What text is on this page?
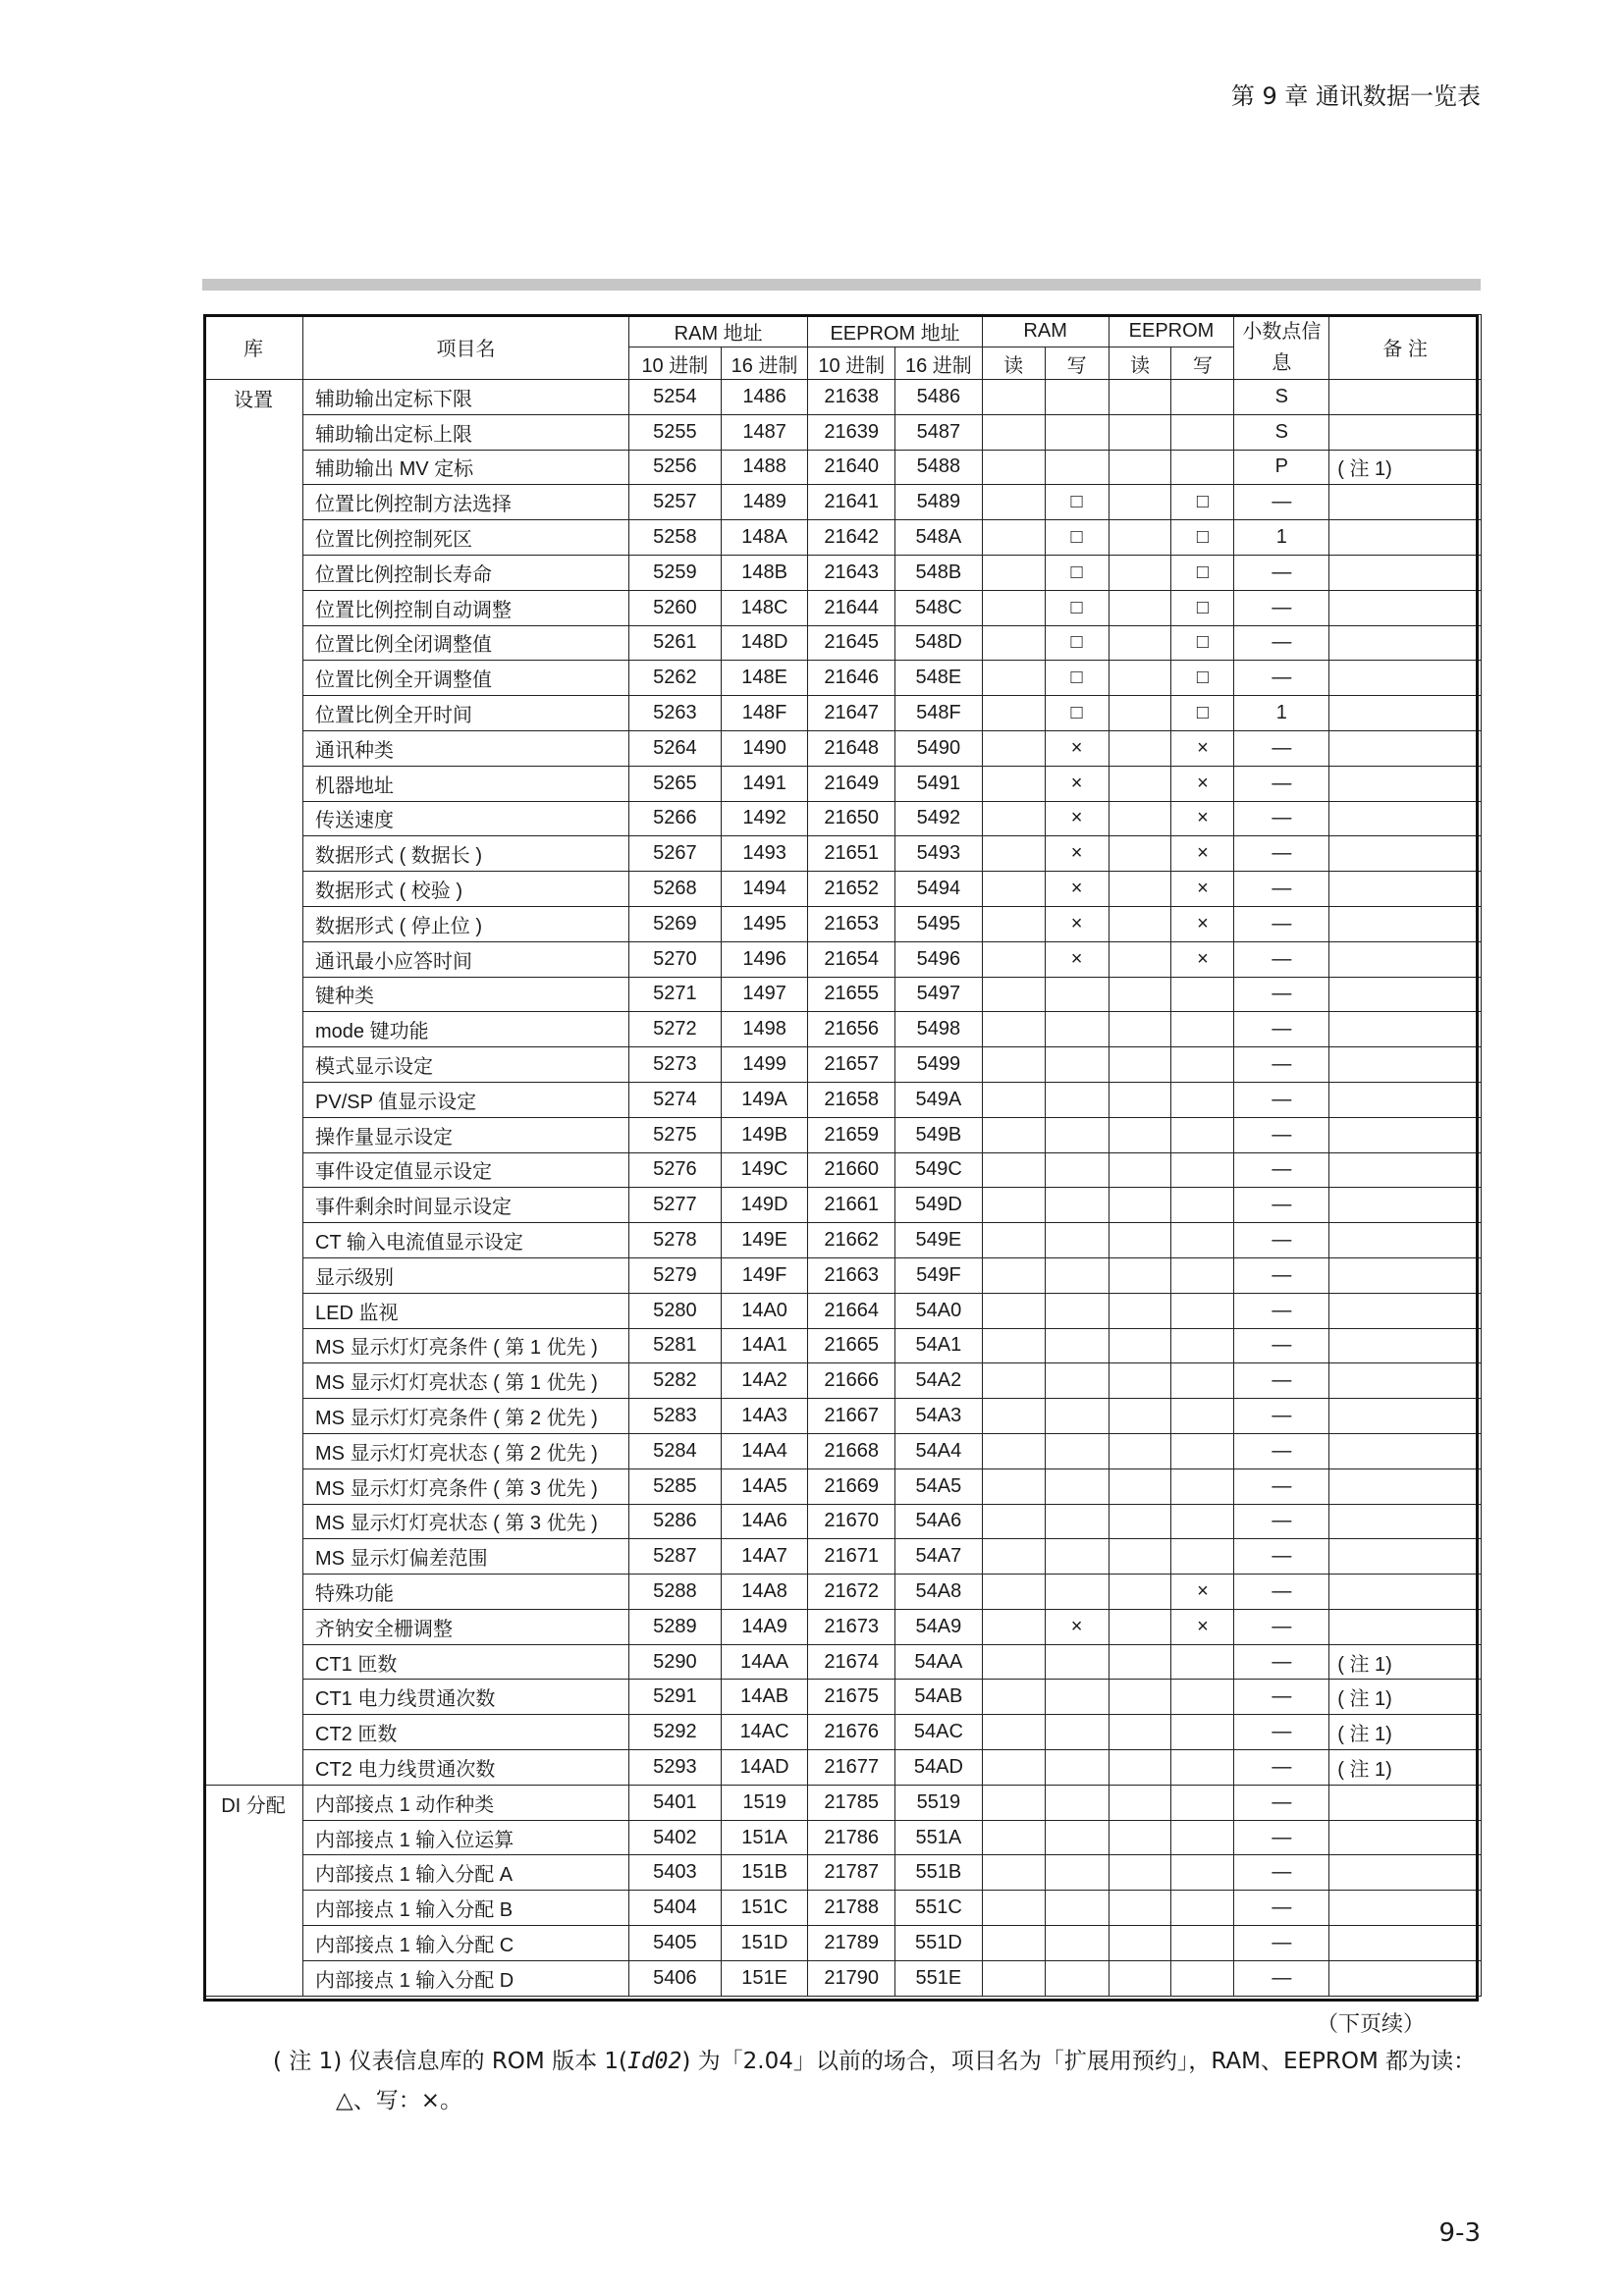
第 9 章 通讯数据一览表
库	项目名	RAM 地址		EEPROM 地址		RAM		EEPROM		小数点信 息	备 注
		10 进制	16 进制	10 进制	16 进制	读	写	读	写		
设置	辅助输出定标下限	5254	1486	21638	5486					S	
	辅助输出定标上限	5255	1487	21639	5487					S	
	辅助输出 MV 定标	5256	1488	21640	5488					P	( 注 1)
	位置比例控制方法选择	5257	1489	21641	5489		□		□	—	
	位置比例控制死区	5258	148A	21642	548A		□		□	1	
	位置比例控制长寿命	5259	148B	21643	548B		□		□	—	
	位置比例控制自动调整	5260	148C	21644	548C		□		□	—	
	位置比例全闭调整值	5261	148D	21645	548D		□		□	—	
	位置比例全开调整值	5262	148E	21646	548E		□		□	—	
	位置比例全开时间	5263	148F	21647	548F		□		□	1	
	通讯种类	5264	1490	21648	5490		×		×	—	
	机器地址	5265	1491	21649	5491		×		×	—	
	传送速度	5266	1492	21650	5492		×		×	—	
	数据形式 ( 数据长 )	5267	1493	21651	5493		×		×	—	
	数据形式 ( 校验 )	5268	1494	21652	5494		×		×	—	
	数据形式 ( 停止位 )	5269	1495	21653	5495		×		×	—	
	通讯最小应答时间	5270	1496	21654	5496		×		×	—	
	键种类	5271	1497	21655	5497					—	
	mode 键功能	5272	1498	21656	5498					—	
	模式显示设定	5273	1499	21657	5499					—	
	PV/SP 值显示设定	5274	149A	21658	549A					—	
	操作量显示设定	5275	149B	21659	549B					—	
	事件设定值显示设定	5276	149C	21660	549C					—	
	事件剩余时间显示设定	5277	149D	21661	549D					—	
	CT 输入电流值显示设定	5278	149E	21662	549E					—	
	显示级别	5279	149F	21663	549F					—	
	LED 监视	5280	14A0	21664	54A0					—	
	MS 显示灯灯亮条件 ( 第 1 优先 )	5281	14A1	21665	54A1					—	
	MS 显示灯灯亮状态 ( 第 1 优先 )	5282	14A2	21666	54A2					—	
	MS 显示灯灯亮条件 ( 第 2 优先 )	5283	14A3	21667	54A3					—	
	MS 显示灯灯亮状态 ( 第 2 优先 )	5284	14A4	21668	54A4					—	
	MS 显示灯灯亮条件 ( 第 3 优先 )	5285	14A5	21669	54A5					—	
	MS 显示灯灯亮状态 ( 第 3 优先 )	5286	14A6	21670	54A6					—	
	MS 显示灯偏差范围	5287	14A7	21671	54A7					—	
	特殊功能	5288	14A8	21672	54A8				×	—	
	齐钠安全栅调整	5289	14A9	21673	54A9		×		×	—	
	CT1 匝数	5290	14AA	21674	54AA					—	( 注 1)
	CT1 电力线贯通次数	5291	14AB	21675	54AB					—	( 注 1)
	CT2 匝数	5292	14AC	21676	54AC					—	( 注 1)
	CT2 电力线贯通次数	5293	14AD	21677	54AD					—	( 注 1)
DI 分配	内部接点 1 动作种类	5401	1519	21785	5519					—	
	内部接点 1 输入位运算	5402	151A	21786	551A					—	
	内部接点 1 输入分配 A	5403	151B	21787	551B					—	
	内部接点 1 输入分配 B	5404	151C	21788	551C					—	
	内部接点 1 输入分配 C	5405	151D	21789	551D					—	
	内部接点 1 输入分配 D	5406	151E	21790	551E					—	
（下页续）
( 注 1) 仪表信息库的 ROM 版本 1(Id02) 为「2.04」以前的场合，项目名为「扩展用预约」，RAM、EEPROM 都为读：
△、写：×。
9-3
